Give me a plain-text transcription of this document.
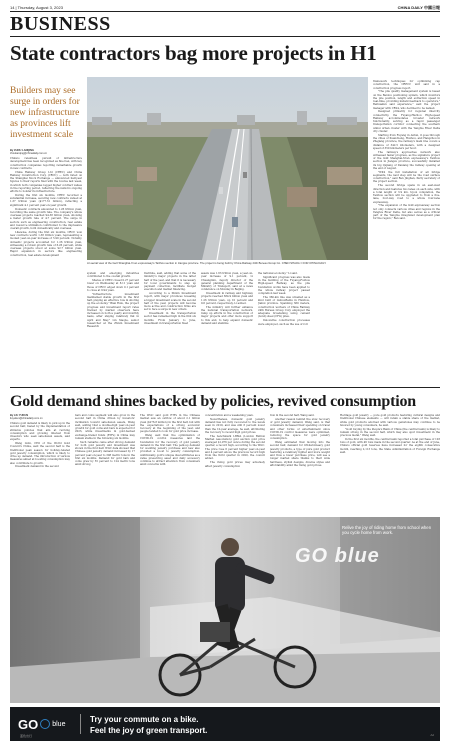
14 | Thursday, August 3, 2023	CHINA DAILY 中國日報
BUSINESS
State contractors bag more projects in H1
Builders may see surge in orders for new infrastructure as provinces lift investment scale
By ZHOU LANQING
zhoulanqing@chinadaily.com.cn

China's relentless pursuit of infrastructure development has been recognized as fine fuel, with key construction companies reporting remarkable growth in new contracts.

China Railway Group Ltd (CREC) and China Railway Construction Corp (CRCC) — both listed on the Shanghai Stock Exchange — announced half-year figures to their reports filed with the bourse last week, in which both companies logged higher contract values in the reporting period, reflecting the nation's ongoing efforts to bolster its infrastructure.

During the first six months, CREC recorded a substantial increase, securing new contracts valued at 1.37 trillion yuan ($177.31 billion), reflecting a significant 4.1 percent year-on-year growth.

Domestic contracts amounted to 1.26 trillion yuan, recording the same growth rate. The company's whole overseas projects reached 94.38 billion yuan, showing a faster growth rate of 4.7 percent. The surge in sectors such as engineering construction, real estate and resource utilization contributed to the impressive overall growth, both domestically and overseas.

Likewise, during the first six months, CRCC won new contracts worth 1.38 trillion yuan, representing a modest year-on-year increase of 5.99 percent. Notably, domestic projects accounted for 1.26 trillion yuan, witnessing a robust growth rate of 6.26 percent, while overseas projects stood at some 92.7 billion yuan. Rapid expansion in sectors like engineering construction, real estate development

An aerial view of the Ge0 Shanghai-Xi an expressway's Taizhou section in Jiangsu province. The project is being built by China Railway 24th Bureau Group Co. CHEN SHAOLI / FOR CHINA DAILY

system and emerging industries contributed to the overall growth.

Shares of CREC closed 0.27 percent lower on Wednesday at 8.11 yuan and those of CRCC edged down 0.1 percent to close at 9.94 yuan.

"Infrastructure investment maintained stable growth in the first half, playing an effective role in shoring up the economy," Bian Ruiu, the project progress and investment report rates tracked by market observers have increased on both a yearly and monthly basis, after staying relatively flat in April and May," Lin Xiaojie, senior researcher at the Zhixin Investment Research

Institute, said, adding that some of the ministry's major projects in the latter half of the year, and that it is necessary for local governments to step up payment collection, facilitate budget execution and market financing.

According to a Zhixin Investment report, with major provinces revealing a bigger investment scale in the second half of the year, projects will become more active and construction firms are set to face a surge in new orders.

Investment in the transportation sector has remained high in the first six months. From January to June, investment in transportation fixed

assets was 1.63 trillion yuan, a year-on-year increase of 9.1 percent, Li Chuangmin, deputy director of the general planning department of the Ministry of Transport, said at a news conference on Monday in Beijing.

Investment in railway and highway projects reached 384.9 billion yuan and 1.26 trillion yuan, up 10 percent and 9.6 percent, respectively, Li added.

The ministry will further enhance the national transportation network, ramp up efforts in the construction of major projects and offer more support to this end, to help expand domestic demand and stabilize

the national economy," Li said.

Significant progress was also made in the building of the Fuyang-Fuzhou High-speed Railway, as the pile foundation works have been applied to the whole railway project passed completion last week.

The 360-km line was unveiled as a kind built of Lishui-Baibu in Huizhou, Jiahui province. Spanning 360 meters, construction workers of China Railway 24th Bureau Group Corp employed the adequate broadening using cement (bond) steel (CFG) piles.

Innovative construction processes were employed, such as the use of roll

framework techniques for optimizing cap construction, the CRECC unit said in a construction progress report.

"The pile quality management system is based on the Beidou positioning system, which monitors the pile position, length and extraction speed in real-time, providing instant feedback to operators," Beihuakun said experience," said the project manager with CR24, who declined to be named.

Designed primarily for regional intercity connectivity, the Fuyang-Huzhou High-speed Railway accommodates broader network functionality, serving as a rapid passenger transportation corridor connecting the southern Anhui urban cluster with the Yangtze River Delta city cluster.

Starting from Fuyang in Anhui, it goes through the cities of Xuancheng, Huzhou, and Hangzhou in Zhejiang province, the railway's main line covers a distance of 342.5 kilometers, with a designed speed of 350 kilometers per hour.

The railway's approaches network also witnessed faster progress, as the signature project of the G40 Shanghai-Xi'an expressway's Taizhou section in Jiangsu province, successfully installed its big Qujiang of Daxiang the railway opening at the end of August.

"With the full installation of all bridge segments, the next step will be the road surface construction," said Ren Jinghan, Party secretary of the project section.

The second bridge spans in an east-west direction and features two lanes on each side, with a total length of 3.9 km. Upon completion, the Taizhou section will be upgraded to from a five-lane, four-way road to a whole four-lane expressway.

"The expansion of the G40 expressway section not only connects various cities and regions in the Yangtze River Delta, but also serves as a critical part of the Yangtze integrated development plan for the region," Ren said.

Gold demand shines backed by policies, revived consumption
By LIU YUKUN
liuyukun@chinadaily.com.cn

China's gold demand is likely to pick up in the second half, fueled by the implementation of stimulus policies that aim at reviving consumption and growing interest from investors who seek safe-haven assets, said experts.

Wang Lixin, CEO of the World Gold Council's China, said the second half is the traditional peak season for holiday-related gold jewelry consumption, which is likely to drive up demand. The introduction of various measures aimed at boosting consumption may also contribute to growth.

Investment demand in the second

bars and coins segment will also grow in the second half in China driven by investors' inclination toward safe-haven assets, Wang said, adding that a double-digit year-on-year growth for gold coins and bars is expected for 2023, while investments in gold-backed exchange-traded funds (ETFs) in China may remain stable in the following six months.

Such remarks came after strong demand for both gold jewelry and investment was shown in the first half. WGC data showed that Chinese gold jewelry demand increased by 17 percent year-on-year to 308 metric tons in the first six months. Demand for gold bars and coins grew by 55 percent to 124 metric tons amid strong

The WGC said gold ETFs in the Chinese market saw an outflow of about 2.1 billion yuan ($276.8 million) in the first half, but with the expectations of a strong economic recovery at the beginning of the year, and people tended to look for gold price increase.

Wang said that the optimization of COVID-19 control measures laid the foundation for the recovery of gold jewelry demand in the first half. The pent-up demand for wedding jewelry purchase and new also provided a boost to jewelry consumption. Additionally, gold's unique dual attributes as a value preserving asset and daily accessory continue to attract attention from consumers amid concerns with

concentration and a weakening yuan.

Nevertheless, domestic gold jewelry demand has not fully recovered to the levels seen in 2019, and was still 6 percent lower than the 10-year average, he said, attributing the recovery to recent high gold prices.

The benchmark LBMA (London Bullion Market Association) gold auction gold price averaged $1,976 per ounce during the second quarter, a record high, according to the WGC. The price rose 6 percent higher year-on-year and 4 percent above the previous record high from the third quarter in 2020, the council added.

The rising gold prices may adversely affect jewelry consumption

tion in the second half, Wang said.

Another reason behind the slow recovery of gold jewelry demand, Wang said, is that consumers increased their spending on travel and other forms of entertainment since COVID-19 control measures were optimized, reducing the space for gold jewelry consumption.

Wang estimated that moving into the second half, demand for lift-hard-heavy gold jewelry products, a type of pure gold product featuring a relatively lighter and more weight and thus a lower purchase price, will see a longer market share thanks to their wide hardness, stylish designs, diverse styles and affordability amid the rising gold prices.

Heritage gold jewelry — pure gold products featuring cultural designs and traditional Chinese elements — will retain a stable share of the market, while gold products adorned with various gemstones may continue to be favored by young consumers, he said.

"Gold buying by the People's Bank of China (the central bank) is likely to remain strong in the second half, which may also spur investment in the precious metal," Wang said.

In the first six months, the central bank reported a total purchase of 103 tons of gold, with 46 tons made in the second quarter. As at the end of June, China's official gold reserves have increased for the eighth consecutive month, reaching 2,113 tons, the State Administration of Foreign Exchange said.

GO blue
Relive the joy of riding home from school when you cycle home from work.
GO blue
蓝色出行
Try your commute on a bike.
Feel the joy of green transport.	Ad
